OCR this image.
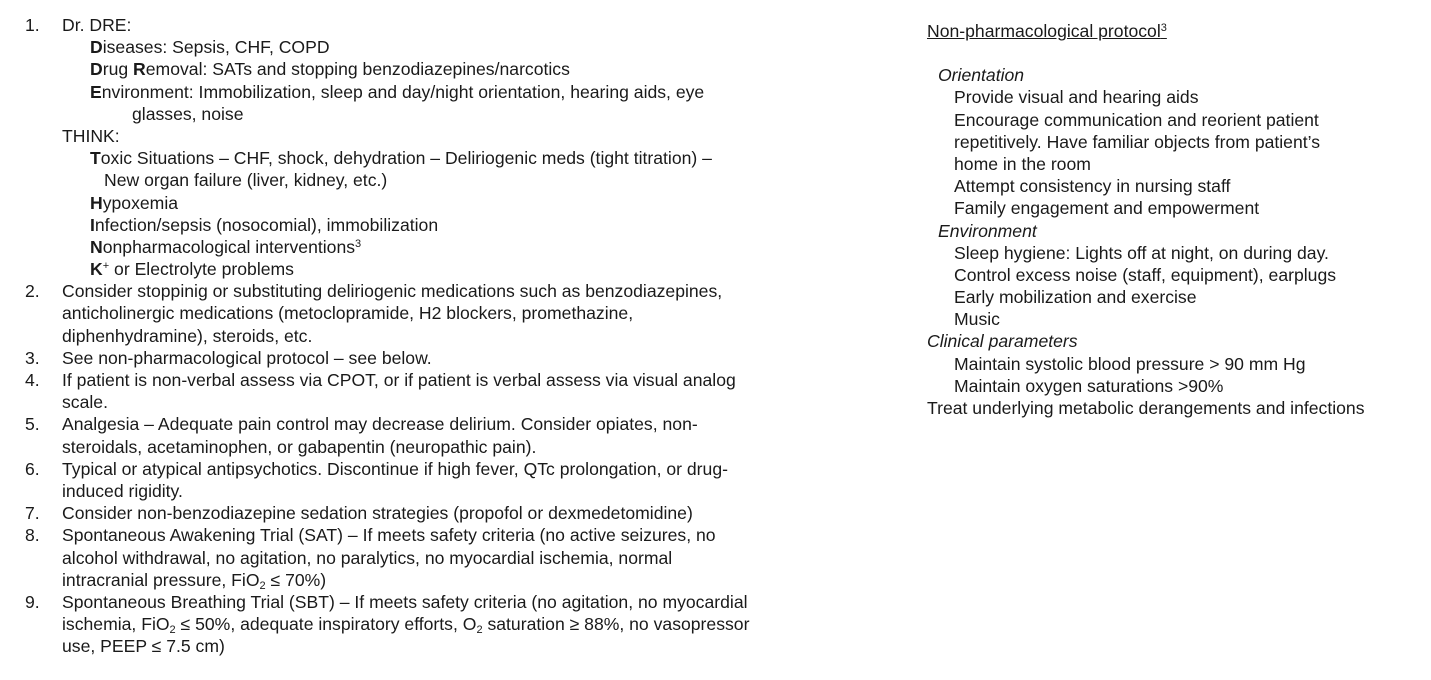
1. Dr. DRE:
Diseases: Sepsis, CHF, COPD
Drug Removal: SATs and stopping benzodiazepines/narcotics
Environment: Immobilization, sleep and day/night orientation, hearing aids, eye
glasses, noise
THINK:
Toxic Situations – CHF, shock, dehydration – Deliriogenic meds (tight titration) –
New organ failure (liver, kidney, etc.)
Hypoxemia
Infection/sepsis (nosocomial), immobilization
Nonpharmacological interventions$^3$
K+ or Electrolyte problems
2. Consider stoppinig or substituting deliriogenic medications such as benzodiazepines,
anticholinergic medications (metoclopramide, H2 blockers, promethazine,
diphenhydramine), steroids, etc.
3. See non-pharmacological protocol – see below.
4. If patient is non-verbal assess via CPOT, or if patient is verbal assess via visual analog
scale.
5. Analgesia – Adequate pain control may decrease delirium. Consider opiates, non-
steroidals, acetaminophen, or gabapentin (neuropathic pain).
6. Typical or atypical antipsychotics. Discontinue if high fever, QTc prolongation, or drug-
induced rigidity.
7. Consider non-benzodiazepine sedation strategies (propofol or dexmedetomidine)
8. Spontaneous Awakening Trial (SAT) – If meets safety criteria (no active seizures, no
alcohol withdrawal, no agitation, no paralytics, no myocardial ischemia, normal
intracranial pressure, FiO$_2$ ≤ 70%)
9. Spontaneous Breathing Trial (SBT) – If meets safety criteria (no agitation, no myocardial
ischemia, FiO$_2$ ≤ 50%, adequate inspiratory efforts, $O_2$ saturation ≥ 88%, no vasopressor
use, PEEP ≤ 7.5 cm)
Non-pharmacological protocol$^3$
Orientation
Provide visual and hearing aids
Encourage communication and reorient patient
repetitively. Have familiar objects from patient’s
home in the room
Attempt consistency in nursing staff
Family engagement and empowerment
Environment
Sleep hygiene: Lights off at night, on during day.
Control excess noise (staff, equipment), earplugs
Early mobilization and exercise
Music
Clinical parameters
Maintain systolic blood pressure > 90 mm Hg
Maintain oxygen saturations >90%
Treat underlying metabolic derangements and infections
